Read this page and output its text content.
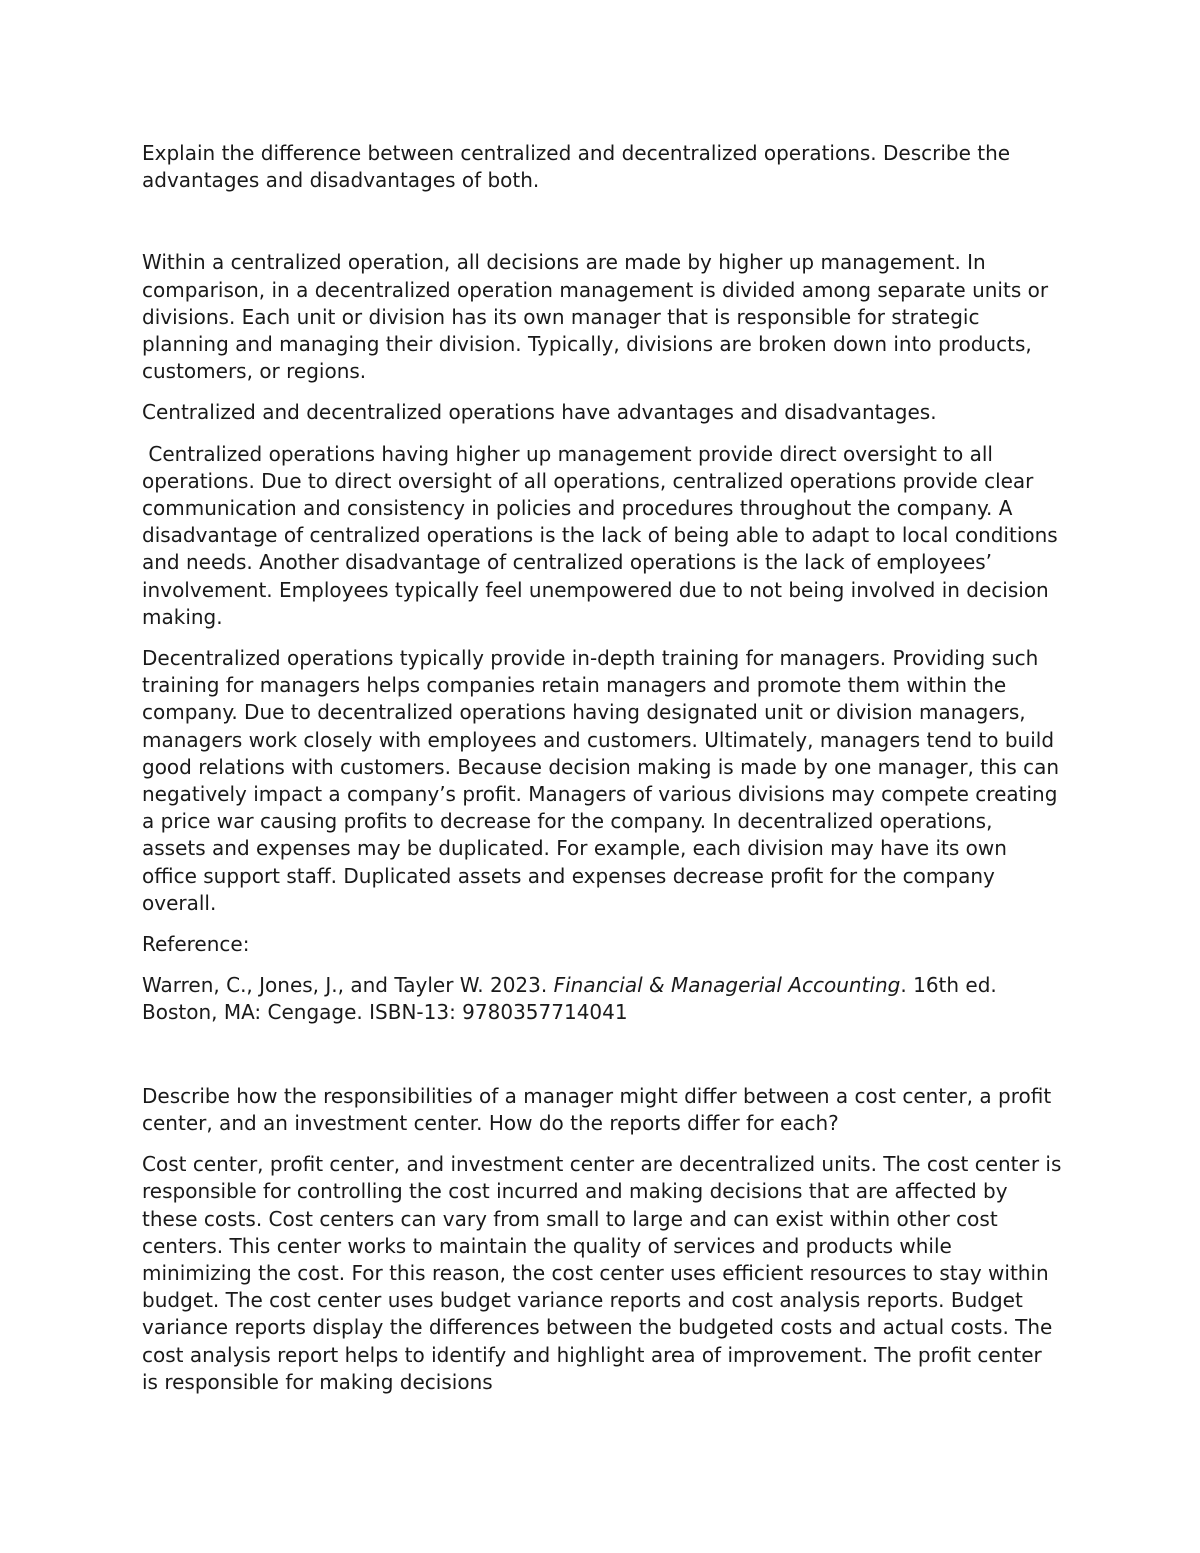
Explain the difference between centralized and decentralized operations. Describe the advantages and disadvantages of both.

Within a centralized operation, all decisions are made by higher up management. In comparison, in a decentralized operation management is divided among separate units or divisions. Each unit or division has its own manager that is responsible for strategic planning and managing their division. Typically, divisions are broken down into products, customers, or regions.

Centralized and decentralized operations have advantages and disadvantages.

Centralized operations having higher up management provide direct oversight to all operations. Due to direct oversight of all operations, centralized operations provide clear communication and consistency in policies and procedures throughout the company. A disadvantage of centralized operations is the lack of being able to adapt to local conditions and needs. Another disadvantage of centralized operations is the lack of employees’ involvement. Employees typically feel unempowered due to not being involved in decision making.

Decentralized operations typically provide in-depth training for managers. Providing such training for managers helps companies retain managers and promote them within the company. Due to decentralized operations having designated unit or division managers, managers work closely with employees and customers. Ultimately, managers tend to build good relations with customers. Because decision making is made by one manager, this can negatively impact a company’s profit. Managers of various divisions may compete creating a price war causing profits to decrease for the company. In decentralized operations, assets and expenses may be duplicated. For example, each division may have its own office support staff. Duplicated assets and expenses decrease profit for the company overall.

Reference:

Warren, C., Jones, J., and Tayler W. 2023. Financial & Managerial Accounting. 16th ed. Boston, MA: Cengage. ISBN-13: 9780357714041

Describe how the responsibilities of a manager might differ between a cost center, a profit center, and an investment center. How do the reports differ for each?

Cost center, profit center, and investment center are decentralized units. The cost center is responsible for controlling the cost incurred and making decisions that are affected by these costs. Cost centers can vary from small to large and can exist within other cost centers. This center works to maintain the quality of services and products while minimizing the cost. For this reason, the cost center uses efficient resources to stay within budget. The cost center uses budget variance reports and cost analysis reports. Budget variance reports display the differences between the budgeted costs and actual costs. The cost analysis report helps to identify and highlight area of improvement. The profit center is responsible for making decisions
